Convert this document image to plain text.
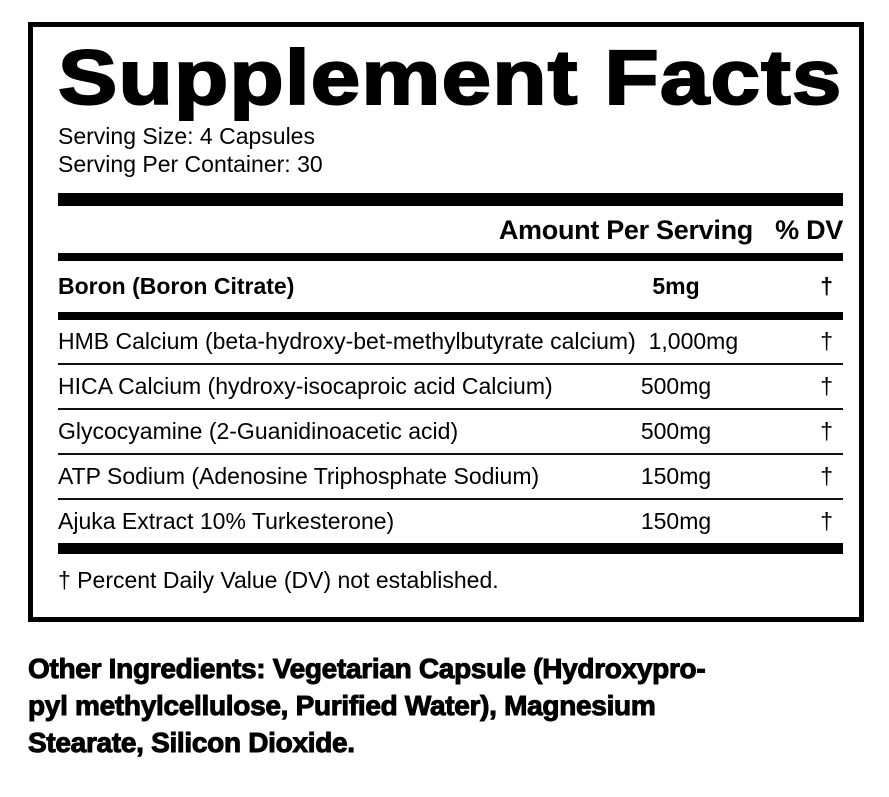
Supplement Facts
Serving Size: 4 Capsules
Serving Per Container: 30
Amount Per Serving % DV
Boron (Boron Citrate)	5mg	†
HMB Calcium (beta-hydroxy-bet-methylbutyrate calcium) 1,000mg	†
HICA Calcium (hydroxy-isocaproic acid Calcium)	500mg	†
Glycocyamine (2-Guanidinoacetic acid)	500mg	†
ATP Sodium (Adenosine Triphosphate Sodium)	150mg	†
Ajuka Extract 10% Turkesterone)	150mg	†
† Percent Daily Value (DV) not established.
Other Ingredients: Vegetarian Capsule (Hydroxypro-
pyl methylcellulose, Purified Water), Magnesium
Stearate, Silicon Dioxide.
